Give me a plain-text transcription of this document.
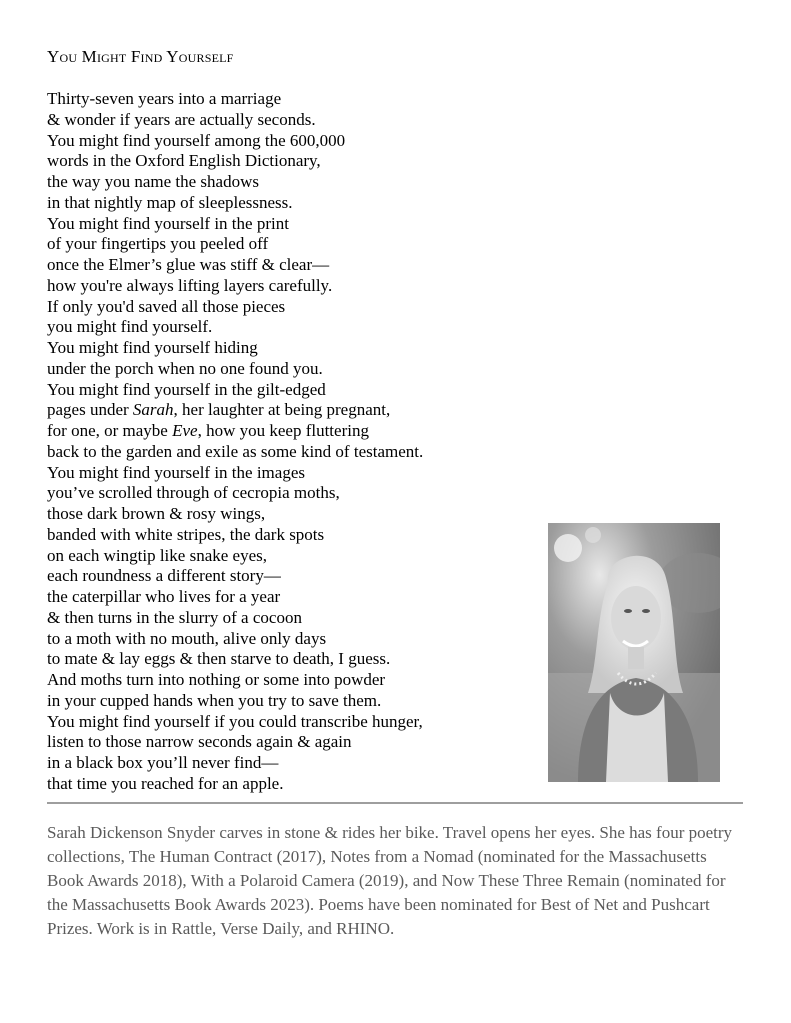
You Might Find Yourself
Thirty-seven years into a marriage
& wonder if years are actually seconds.
You might find yourself among the 600,000
words in the Oxford English Dictionary,
the way you name the shadows
in that nightly map of sleeplessness.
You might find yourself in the print
of your fingertips you peeled off
once the Elmer’s glue was stiff & clear—
how you're always lifting layers carefully.
If only you'd saved all those pieces
you might find yourself.
You might find yourself hiding
under the porch when no one found you.
You might find yourself in the gilt-edged
pages under Sarah, her laughter at being pregnant,
for one, or maybe Eve, how you keep fluttering
back to the garden and exile as some kind of testament.
You might find yourself in the images
you’ve scrolled through of cecropia moths,
those dark brown & rosy wings,
banded with white stripes, the dark spots
on each wingtip like snake eyes,
each roundness a different story—
the caterpillar who lives for a year
& then turns in the slurry of a cocoon
to a moth with no mouth, alive only days
to mate & lay eggs & then starve to death, I guess.
And moths turn into nothing or some into powder
in your cupped hands when you try to save them.
You might find yourself if you could transcribe hunger,
listen to those narrow seconds again & again
in a black box you’ll never find—
that time you reached for an apple.

Sarah Dickenson Snyder carves in stone & rides her bike. Travel opens her eyes. She has four poetry collections, The Human Contract (2017), Notes from a Nomad (nominated for the Massachusetts Book Awards 2018), With a Polaroid Camera (2019), and Now These Three Remain (nominated for the Massachusetts Book Awards 2023). Poems have been nominated for Best of Net and Pushcart Prizes. Work is in Rattle, Verse Daily, and RHINO.
